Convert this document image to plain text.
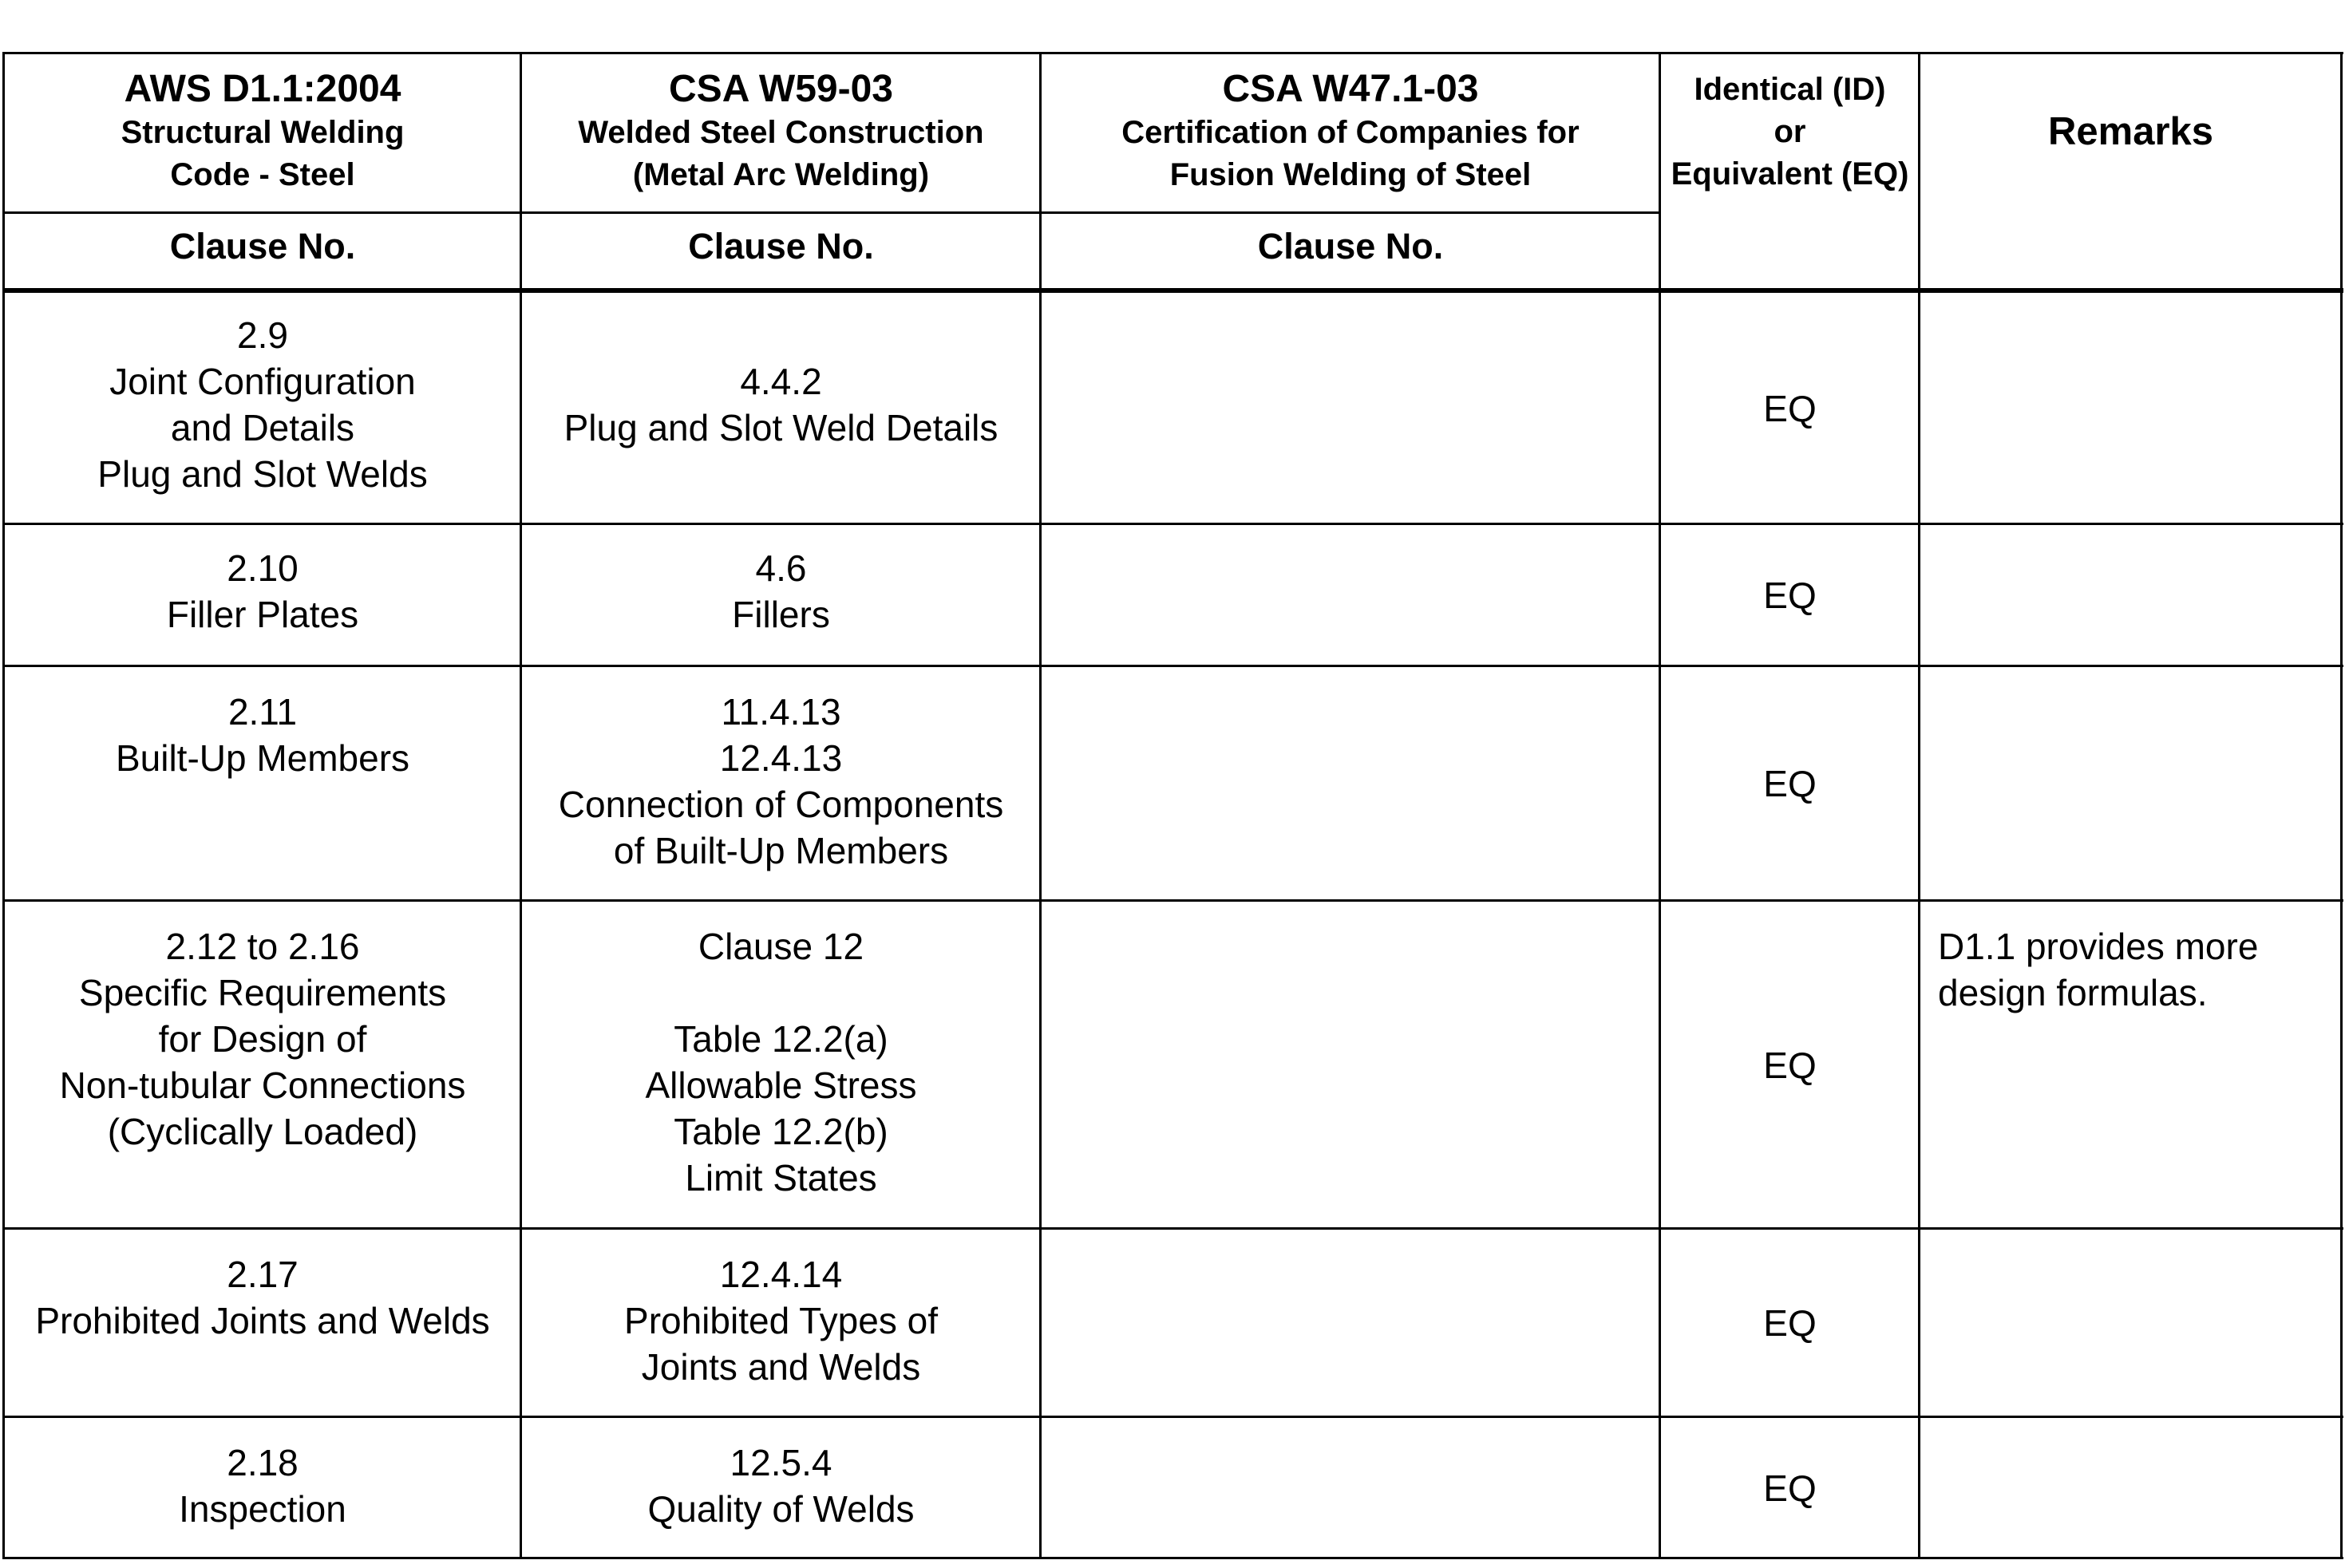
AWS D1.1:2004
Structural Welding
Code - Steel
Clause No.
CSA W59-03
Welded Steel Construction
(Metal Arc Welding)
Clause No.
CSA W47.1-03
Certification of Companies for
Fusion Welding of Steel
Clause No.
Identical (ID)
or
Equivalent (EQ)
Remarks
2.9
Joint Configuration
and Details
Plug and Slot Welds
4.4.2
Plug and Slot Weld Details	EQ
2.10
Filler Plates
4.6
Fillers	EQ
2.11
Built-Up Members
11.4.13
12.4.13
Connection of Components
of Built-Up Members
EQ
2.12 to 2.16
Specific Requirements
for Design of
Non-tubular Connections
(Cyclically Loaded)
Clause 12
Table 12.2(a)
Allowable Stress
Table 12.2(b)
Limit States
EQ
D1.1 provides more
design formulas.
2.17
Prohibited Joints and Welds
12.4.14
Prohibited Types of
Joints and Welds
EQ
2.18
Inspection
12.5.4
Quality of Welds
EQ
